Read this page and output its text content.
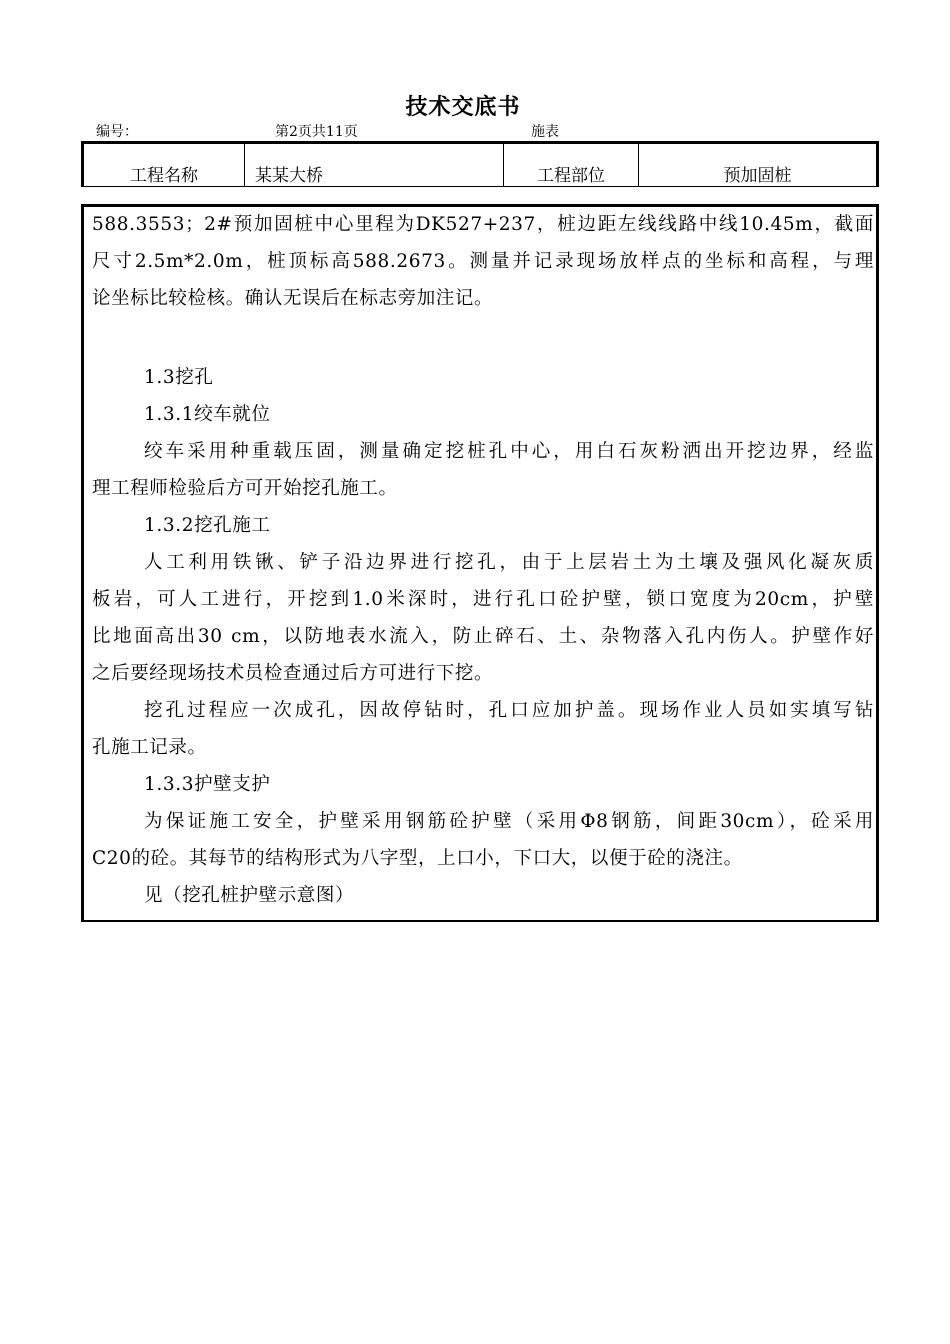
技术交底书
编号：	第2页共11页	施表
工程名称	某某大桥	工程部位	预加固桩
588.3553；2#预加固桩中心里程为DK527+237，桩边距左线线路中线10.45m，截面
尺寸2.5m*2.0m，桩顶标高588.2673。测量并记录现场放样点的坐标和高程，与理
论坐标比较检核。确认无误后在标志旁加注记。
1.3挖孔
1.3.1绞车就位
绞车采用种重载压固，测量确定挖桩孔中心，用白石灰粉洒出开挖边界，经监
理工程师检验后方可开始挖孔施工。
1.3.2挖孔施工
人工利用铁锹、铲子沿边界进行挖孔，由于上层岩土为土壤及强风化凝灰质
板岩，可人工进行，开挖到1.0米深时，进行孔口砼护壁，锁口宽度为20cm，护壁
比地面高出30 cm，以防地表水流入，防止碎石、土、杂物落入孔内伤人。护壁作好
之后要经现场技术员检查通过后方可进行下挖。
挖孔过程应一次成孔，因故停钻时，孔口应加护盖。现场作业人员如实填写钻
孔施工记录。
1.3.3护壁支护
为保证施工安全，护壁采用钢筋砼护壁（采用Φ8钢筋，间距30cm），砼采用
C20的砼。其每节的结构形式为八字型，上口小，下口大，以便于砼的浇注。
见（挖孔桩护壁示意图）
